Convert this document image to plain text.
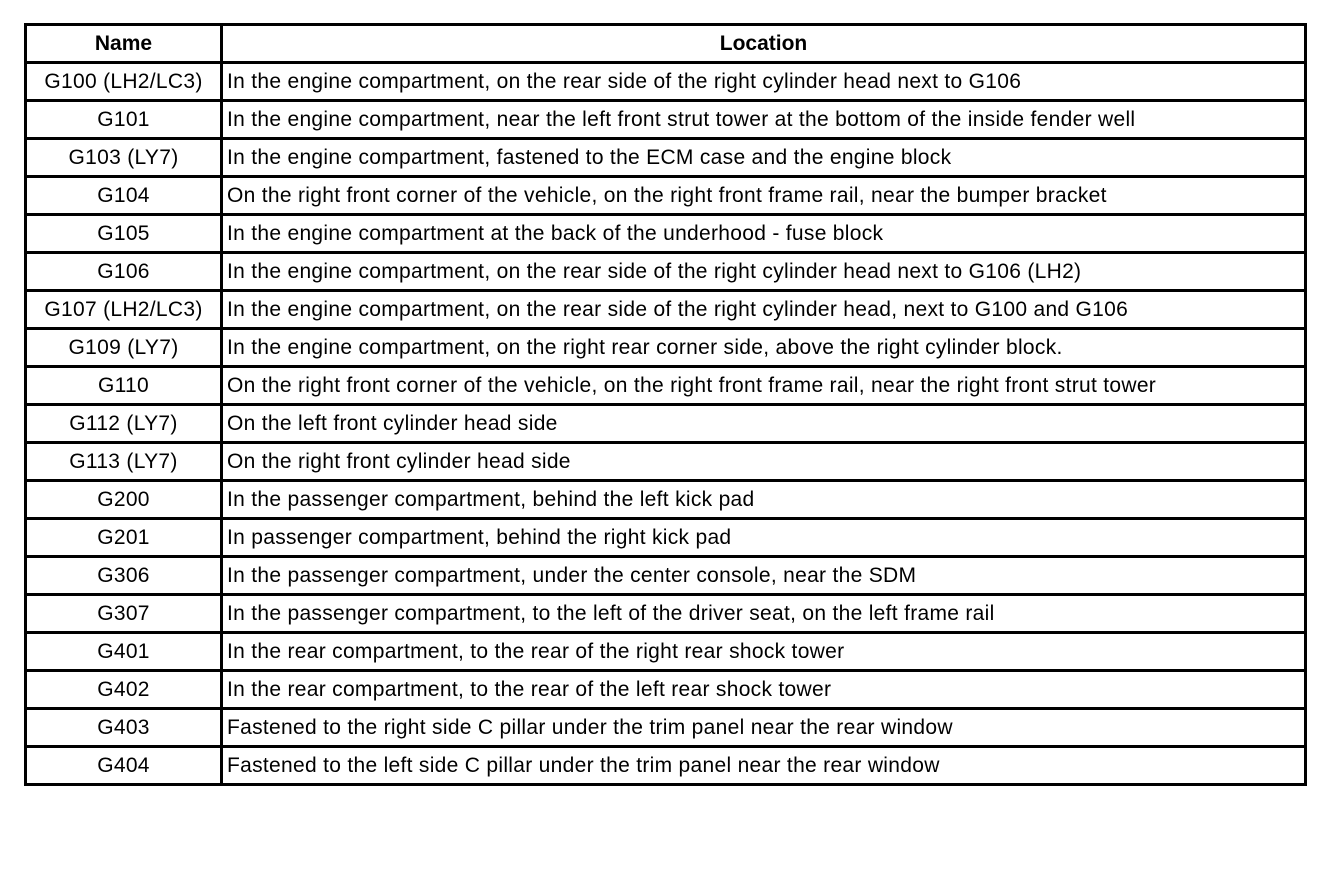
Name	Location
G100 (LH2/LC3)	In the engine compartment, on the rear side of the right cylinder head next to G106
G101	In the engine compartment, near the left front strut tower at the bottom of the inside fender well
G103 (LY7)	In the engine compartment, fastened to the ECM case and the engine block
G104	On the right front corner of the vehicle, on the right front frame rail, near the bumper bracket
G105	In the engine compartment at the back of the underhood - fuse block
G106	In the engine compartment, on the rear side of the right cylinder head next to G106 (LH2)
G107 (LH2/LC3)	In the engine compartment, on the rear side of the right cylinder head, next to G100 and G106
G109 (LY7)	In the engine compartment, on the right rear corner side, above the right cylinder block.
G110	On the right front corner of the vehicle, on the right front frame rail, near the right front strut tower
G112 (LY7)	On the left front cylinder head side
G113 (LY7)	On the right front cylinder head side
G200	In the passenger compartment, behind the left kick pad
G201	In passenger compartment, behind the right kick pad
G306	In the passenger compartment, under the center console, near the SDM
G307	In the passenger compartment, to the left of the driver seat, on the left frame rail
G401	In the rear compartment, to the rear of the right rear shock tower
G402	In the rear compartment, to the rear of the left rear shock tower
G403	Fastened to the right side C pillar under the trim panel near the rear window
G404	Fastened to the left side C pillar under the trim panel near the rear window
